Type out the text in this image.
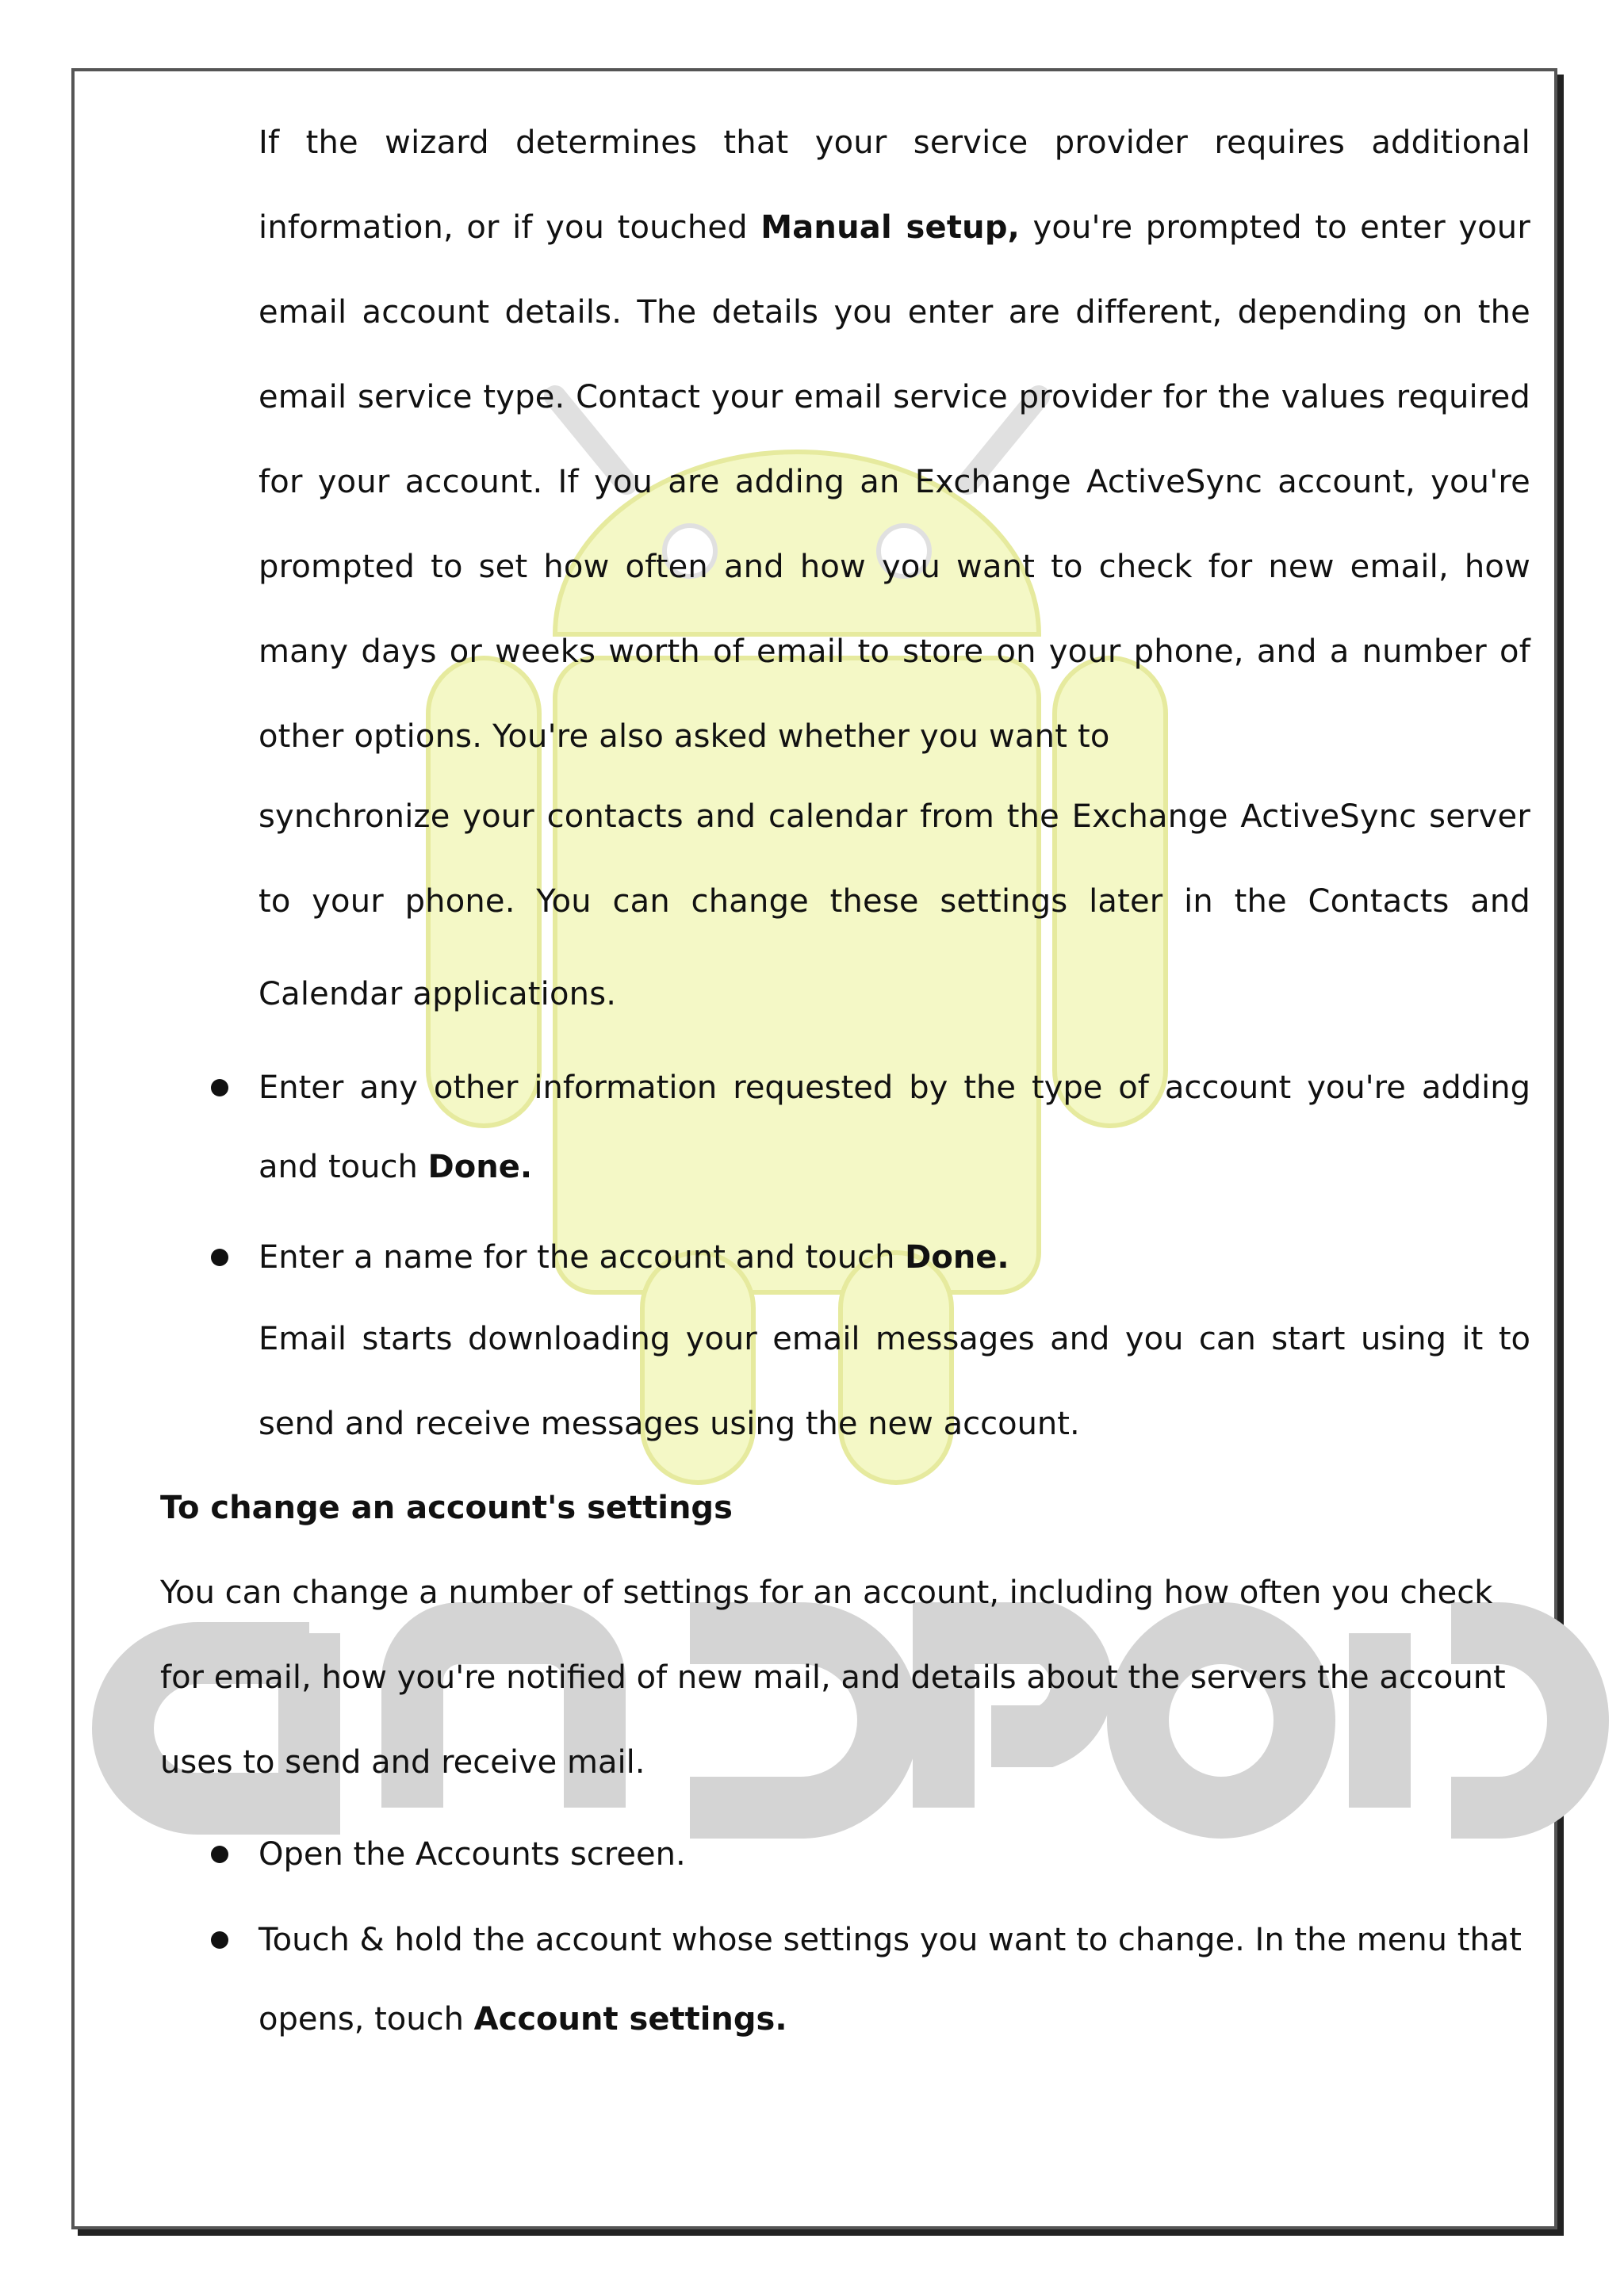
If the wizard determines that your service provider requires additional information, or if you touched Manual setup, you're prompted to enter your email account details. The details you enter are different, depending on the email service type. Contact your email service provider for the values required for your account. If you are adding an Exchange ActiveSync account, you're prompted to set how often and how you want to check for new email, how many days or weeks worth of email to store on your phone, and a number of other options. You're also asked whether you want to

synchronize your contacts and calendar from the Exchange ActiveSync server to your phone. You can change these settings later in the Contacts and

Calendar applications.

Enter any other information requested by the type of account you're adding and touch Done.

Enter a name for the account and touch Done.

Email starts downloading your email messages and you can start using it to send and receive messages using the new account.

To change an account's settings

You can change a number of settings for an account, including how often you check for email, how you're notified of new mail, and details about the servers the account uses to send and receive mail.

Open the Accounts screen.

Touch & hold the account whose settings you want to change. In the menu that opens, touch Account settings.
